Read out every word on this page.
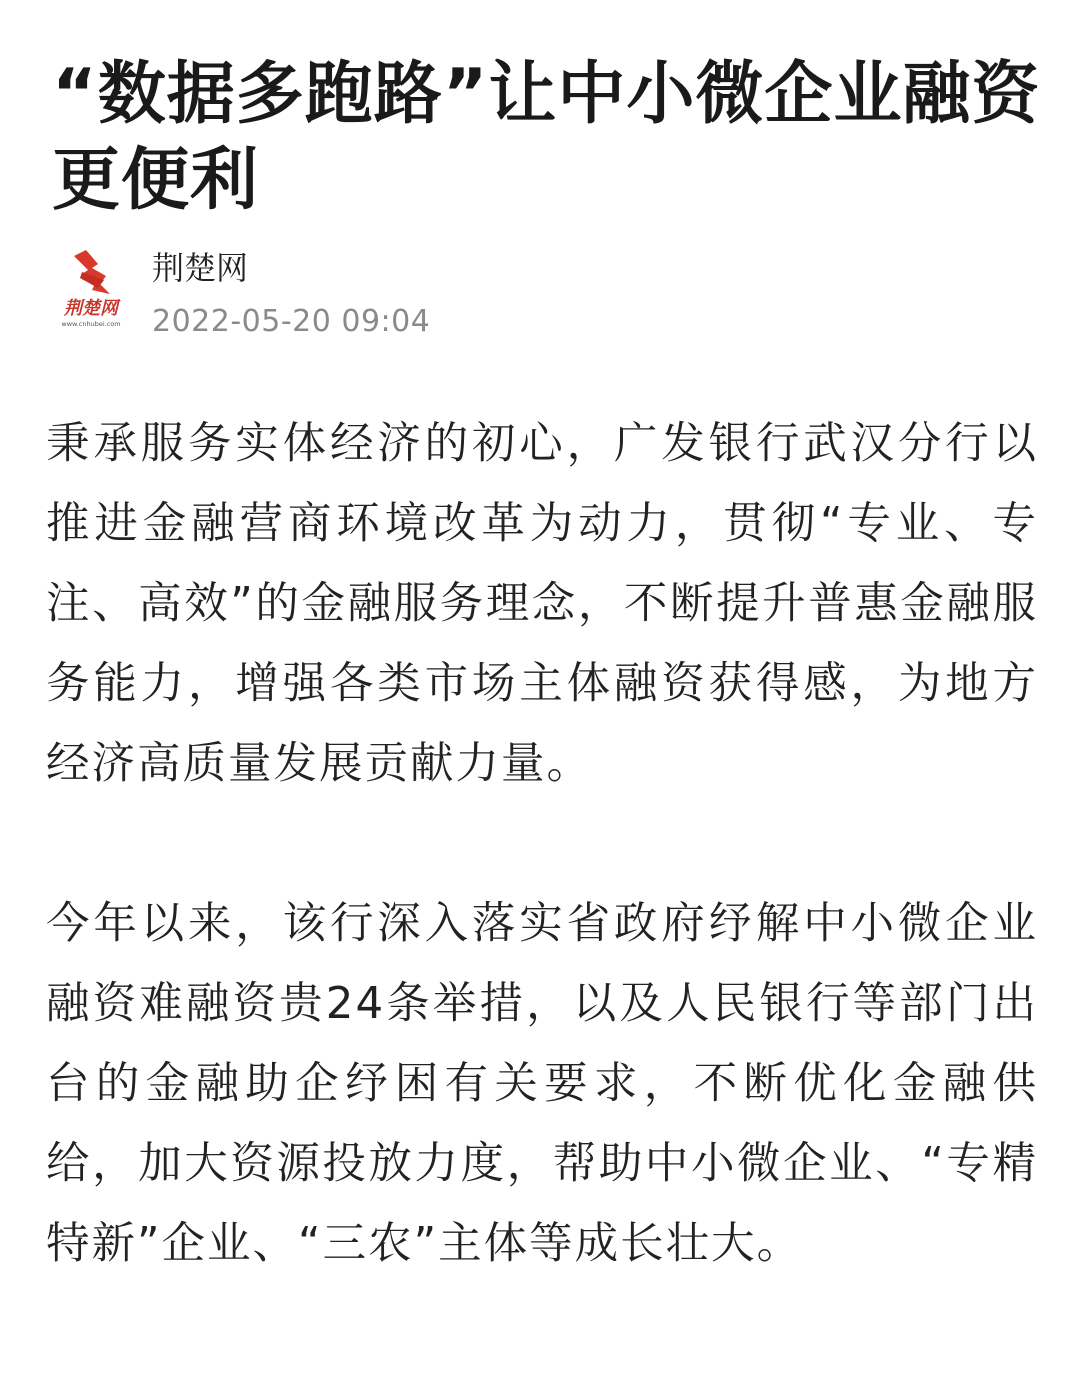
“数据多跑路”让中小微企业融资更便利
荆楚网
www.cnhubei.com
荆楚网
2022-05-20 09:04

秉承服务实体经济的初心，广发银行武汉分行以推进金融营商环境改革为动力，贯彻“专业、专注、高效”的金融服务理念，不断提升普惠金融服务能力，增强各类市场主体融资获得感，为地方经济高质量发展贡献力量。

今年以来，该行深入落实省政府纾解中小微企业融资难融资贵24条举措，以及人民银行等部门出台的金融助企纾困有关要求，不断优化金融供给，加大资源投放力度，帮助中小微企业、“专精特新”企业、“三农”主体等成长壮大。
